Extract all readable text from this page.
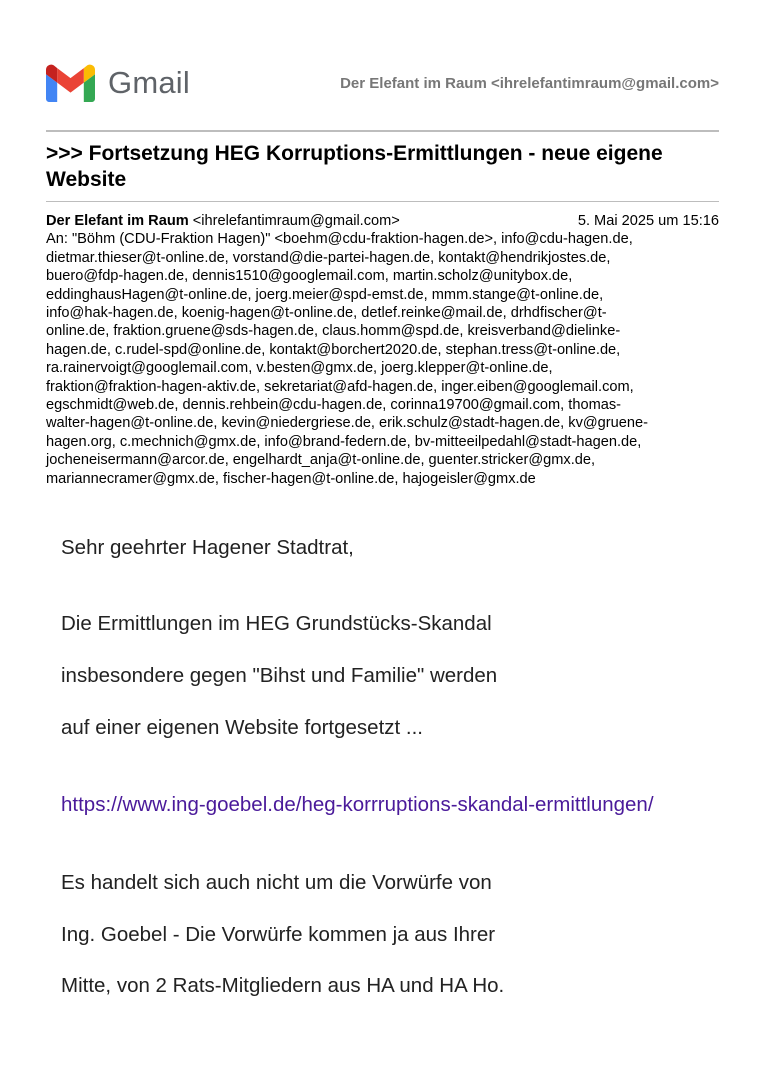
Gmail	Der Elefant im Raum <ihrelefantimraum@gmail.com>
>>> Fortsetzung HEG Korruptions-Ermittlungen - neue eigene
Website
Der Elefant im Raum <ihrelefantimraum@gmail.com>	5. Mai 2025 um 15:16
An: "Böhm (CDU-Fraktion Hagen)" <boehm@cdu-fraktion-hagen.de>, info@cdu-hagen.de,
dietmar.thieser@t-online.de, vorstand@die-partei-hagen.de, kontakt@hendrikjostes.de,
buero@fdp-hagen.de, dennis1510@googlemail.com, martin.scholz@unitybox.de,
eddinghausHagen@t-online.de, joerg.meier@spd-emst.de, mmm.stange@t-online.de,
info@hak-hagen.de, koenig-hagen@t-online.de, detlef.reinke@mail.de, drhdfischer@t-
online.de, fraktion.gruene@sds-hagen.de, claus.homm@spd.de, kreisverband@dielinke-
hagen.de, c.rudel-spd@online.de, kontakt@borchert2020.de, stephan.tress@t-online.de,
ra.rainervoigt@googlemail.com, v.besten@gmx.de, joerg.klepper@t-online.de,
fraktion@fraktion-hagen-aktiv.de, sekretariat@afd-hagen.de, inger.eiben@googlemail.com,
egschmidt@web.de, dennis.rehbein@cdu-hagen.de, corinna19700@gmail.com, thomas-
walter-hagen@t-online.de, kevin@niedergriese.de, erik.schulz@stadt-hagen.de, kv@gruene-
hagen.org, c.mechnich@gmx.de, info@brand-federn.de, bv-mitteeilpedahl@stadt-hagen.de,
jocheneisermann@arcor.de, engelhardt_anja@t-online.de, guenter.stricker@gmx.de,
mariannecramer@gmx.de, fischer-hagen@t-online.de, hajogeisler@gmx.de
Sehr geehrter Hagener Stadtrat,
Die Ermittlungen im HEG Grundstücks-Skandal
insbesondere gegen "Bihst und Familie" werden
auf einer eigenen Website fortgesetzt ...
https://www.ing-goebel.de/heg-korrruptions-skandal-ermittlungen/
Es handelt sich auch nicht um die Vorwürfe von
Ing. Goebel - Die Vorwürfe kommen ja aus Ihrer
Mitte, von 2 Rats-Mitgliedern aus HA und HA Ho.
